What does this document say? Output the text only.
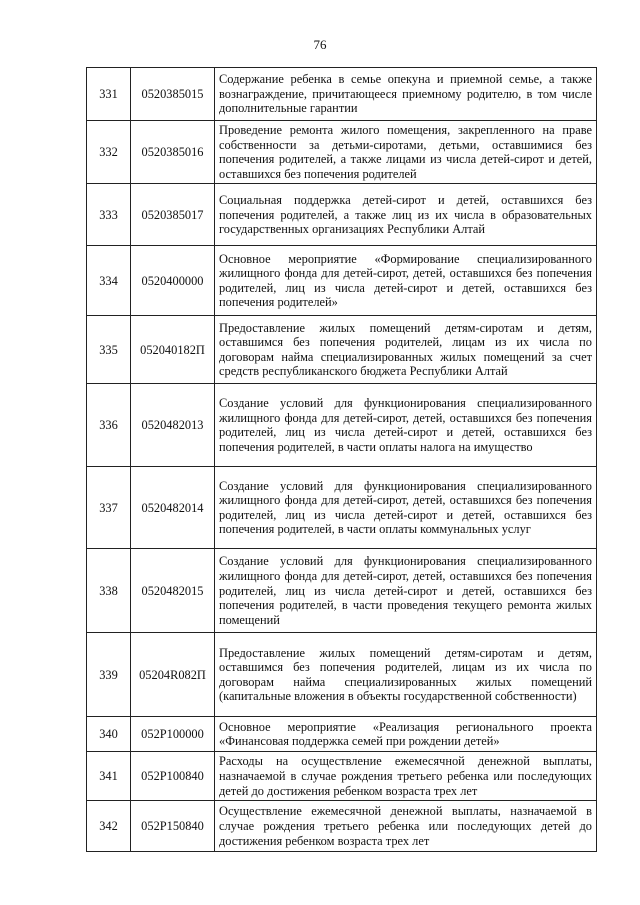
76
331	0520385015	Содержание ребенка в семье опекуна и приемной семье, а также вознаграждение, причитающееся приемному родителю, в том числе дополнительные гарантии
332	0520385016	Проведение ремонта жилого помещения, закрепленного на праве собственности за детьми-сиротами, детьми, оставшимися без попечения родителей, а также лицами из числа детей-сирот и детей, оставшихся без попечения родителей
333	0520385017	Социальная поддержка детей-сирот и детей, оставшихся без попечения родителей, а также лиц из их числа в образовательных государственных организациях Республики Алтай
334	0520400000	Основное мероприятие «Формирование специализированного жилищного фонда для детей-сирот, детей, оставшихся без попечения родителей, лиц из числа детей-сирот и детей, оставшихся без попечения родителей»
335	052040182П	Предоставление жилых помещений детям-сиротам и детям, оставшимся без попечения родителей, лицам из их числа по договорам найма специализированных жилых помещений за счет средств республиканского бюджета Республики Алтай
336	0520482013	Создание условий для функционирования специализированного жилищного фонда для детей-сирот, детей, оставшихся без попечения родителей, лиц из числа детей-сирот и детей, оставшихся без попечения родителей, в части оплаты налога на имущество
337	0520482014	Создание условий для функционирования специализированного жилищного фонда для детей-сирот, детей, оставшихся без попечения родителей, лиц из числа детей-сирот и детей, оставшихся без попечения родителей, в части оплаты коммунальных услуг
338	0520482015	Создание условий для функционирования специализированного жилищного фонда для детей-сирот, детей, оставшихся без попечения родителей, лиц из числа детей-сирот и детей, оставшихся без попечения родителей, в части проведения текущего ремонта жилых помещений
339	05204R082П	Предоставление жилых помещений детям-сиротам и детям, оставшимся без попечения родителей, лицам из их числа по договорам найма специализированных жилых помещений (капитальные вложения в объекты государственной собственности)
340	052P100000	Основное мероприятие «Реализация регионального проекта «Финансовая поддержка семей при рождении детей»
341	052P100840	Расходы на осуществление ежемесячной денежной выплаты, назначаемой в случае рождения третьего ребенка или последующих детей до достижения ребенком возраста трех лет
342	052P150840	Осуществление ежемесячной денежной выплаты, назначаемой в случае рождения третьего ребенка или последующих детей до достижения ребенком возраста трех лет
